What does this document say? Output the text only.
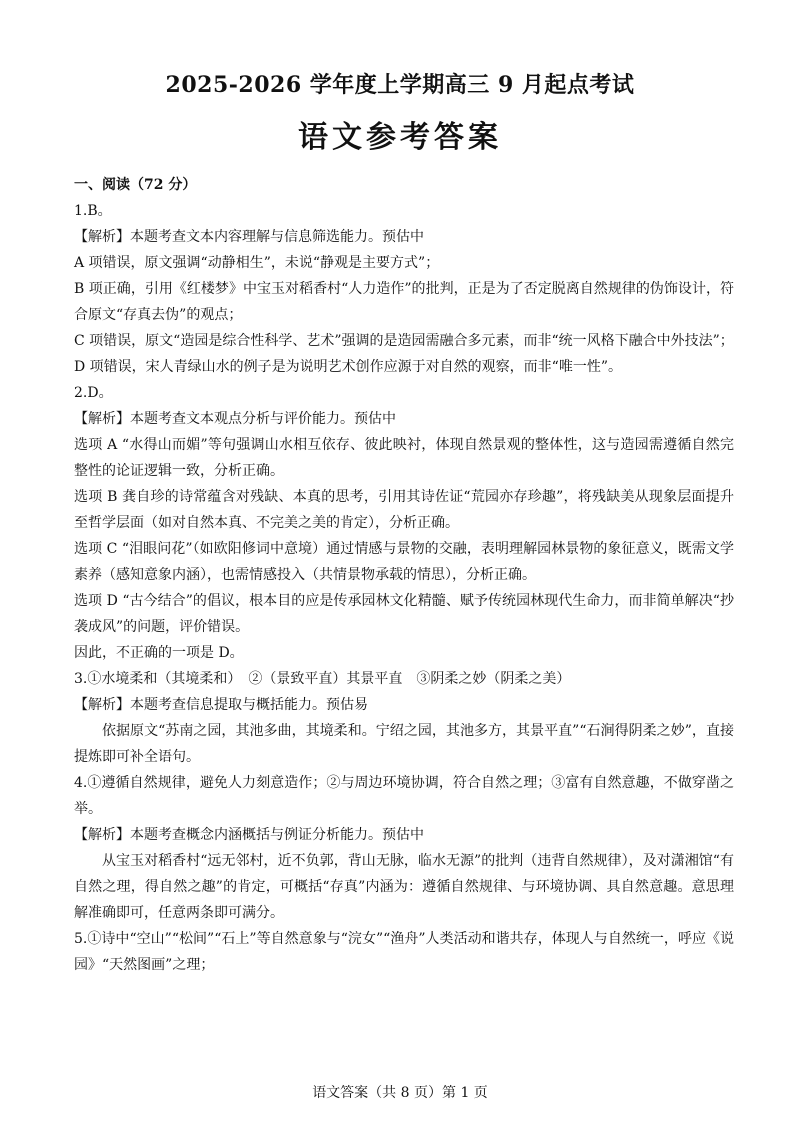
2025-2026 学年度上学期高三 9 月起点考试
语文参考答案

一、阅读（72 分）

1.B。

【解析】本题考查文本内容理解与信息筛选能力。预估中

A 项错误，原文强调“动静相生”，未说“静观是主要方式”；

B 项正确，引用《红楼梦》中宝玉对稻香村“人力造作”的批判，正是为了否定脱离自然规律的伪饰设计，符合原文“存真去伪”的观点；

C 项错误，原文“造园是综合性科学、艺术”强调的是造园需融合多元素，而非“统一风格下融合中外技法”；

D 项错误，宋人青绿山水的例子是为说明艺术创作应源于对自然的观察，而非“唯一性”。

2.D。

【解析】本题考查文本观点分析与评价能力。预估中

选项 A “水得山而媚”等句强调山水相互依存、彼此映衬，体现自然景观的整体性，这与造园需遵循自然完整性的论证逻辑一致，分析正确。

选项 B 龚自珍的诗常蕴含对残缺、本真的思考，引用其诗佐证“荒园亦存珍趣”，将残缺美从现象层面提升至哲学层面（如对自然本真、不完美之美的肯定），分析正确。

选项 C “泪眼问花”（如欧阳修词中意境）通过情感与景物的交融，表明理解园林景物的象征意义，既需文学素养（感知意象内涵），也需情感投入（共情景物承载的情思），分析正确。

选项 D “古今结合”的倡议，根本目的应是传承园林文化精髓、赋予传统园林现代生命力，而非简单解决“抄袭成风”的问题，评价错误。

因此，不正确的一项是 D。

3.①水境柔和（其境柔和）　②（景致平直）其景平直　③阴柔之妙（阴柔之美）

【解析】本题考查信息提取与概括能力。预估易

依据原文“苏南之园，其池多曲，其境柔和。宁绍之园，其池多方，其景平直”“石涧得阴柔之妙”，直接提炼即可补全语句。

4.①遵循自然规律，避免人力刻意造作；②与周边环境协调，符合自然之理；③富有自然意趣，不做穿凿之举。

【解析】本题考查概念内涵概括与例证分析能力。预估中

从宝玉对稻香村“远无邻村，近不负郭，背山无脉，临水无源”的批判（违背自然规律），及对潇湘馆“有自然之理，得自然之趣”的肯定，可概括“存真”内涵为：遵循自然规律、与环境协调、具自然意趣。意思理解准确即可，任意两条即可满分。

5.①诗中“空山”“松间”“石上”等自然意象与“浣女”“渔舟”人类活动和谐共存，体现人与自然统一，呼应《说园》“天然图画”之理；

语文答案（共 8 页）第 1 页
